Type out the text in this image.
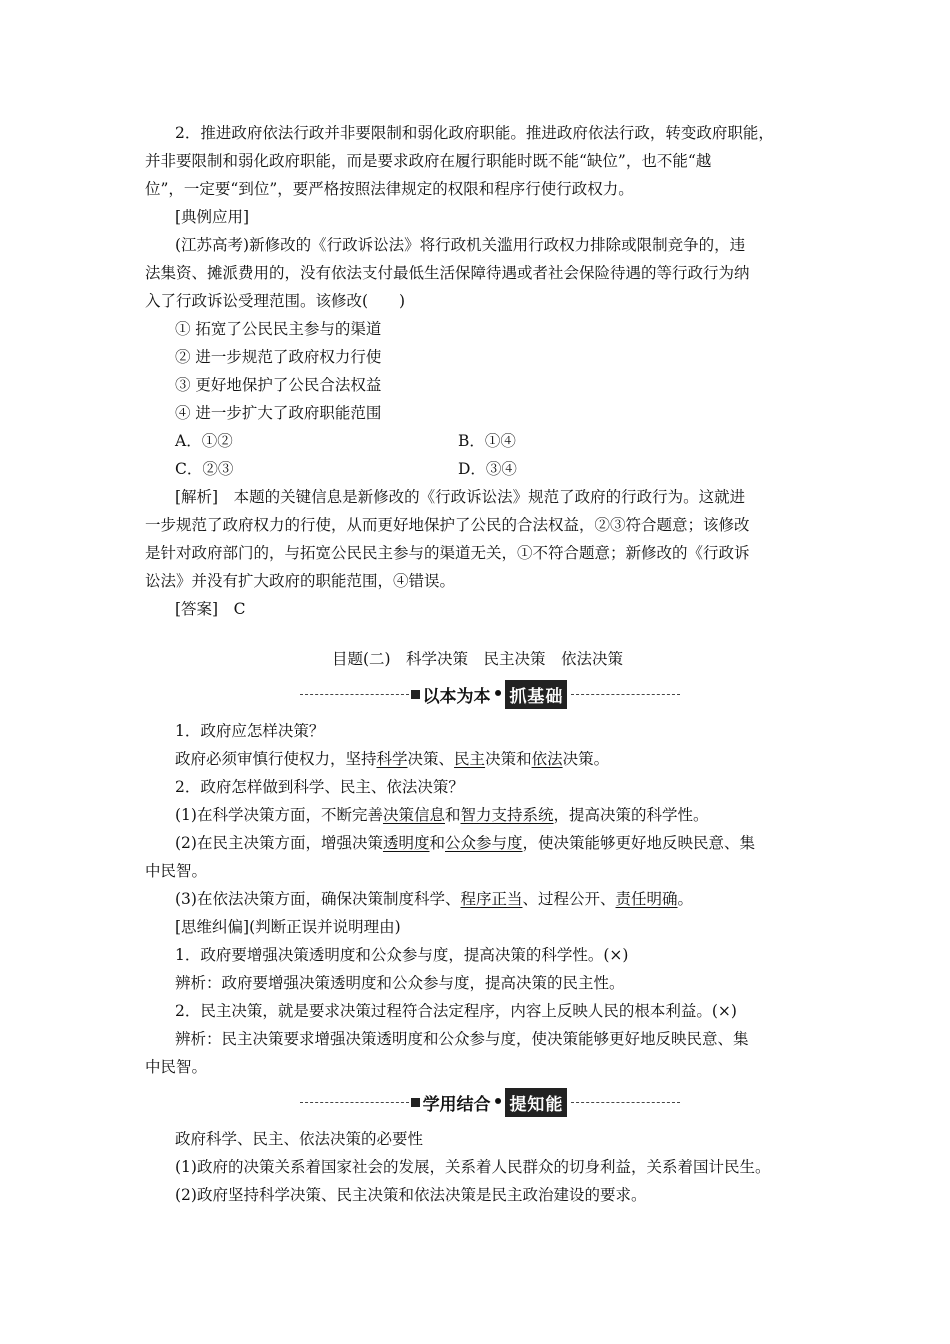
2．推进政府依法行政并非要限制和弱化政府职能。推进政府依法行政，转变政府职能，

并非要限制和弱化政府职能，而是要求政府在履行职能时既不能“缺位”，也不能“越

位”，一定要“到位”，要严格按照法律规定的权限和程序行使行政权力。

[典例应用]

(江苏高考)新修改的《行政诉讼法》将行政机关滥用行政权力排除或限制竞争的，违

法集资、摊派费用的，没有依法支付最低生活保障待遇或者社会保险待遇的等行政行为纳

入了行政诉讼受理范围。该修改(　　)

① 拓宽了公民民主参与的渠道

② 进一步规范了政府权力行使

③ 更好地保护了公民合法权益

④ 进一步扩大了政府职能范围

A．①②	B．①④
C．②③	D．③④

[解析]　本题的关键信息是新修改的《行政诉讼法》规范了政府的行政行为。这就进

一步规范了政府权力的行使，从而更好地保护了公民的合法权益，②③符合题意；该修改

是针对政府部门的，与拓宽公民民主参与的渠道无关，①不符合题意；新修改的《行政诉

讼法》并没有扩大政府的职能范围，④错误。

[答案]　C

目题(二)　科学决策　民主决策　依法决策
以本为本 • 抓基础

1．政府应怎样决策？

政府必须审慎行使权力，坚持科学决策、民主决策和依法决策。

2．政府怎样做到科学、民主、依法决策？

(1)在科学决策方面，不断完善决策信息和智力支持系统，提高决策的科学性。

(2)在民主决策方面，增强决策透明度和公众参与度，使决策能够更好地反映民意、集

中民智。

(3)在依法决策方面，确保决策制度科学、程序正当、过程公开、责任明确。

[思维纠偏](判断正误并说明理由)

1．政府要增强决策透明度和公众参与度，提高决策的科学性。(×)

辨析：政府要增强决策透明度和公众参与度，提高决策的民主性。

2．民主决策，就是要求决策过程符合法定程序，内容上反映人民的根本利益。(×)

辨析：民主决策要求增强决策透明度和公众参与度，使决策能够更好地反映民意、集

中民智。

学用结合 • 提知能

政府科学、民主、依法决策的必要性

(1)政府的决策关系着国家社会的发展，关系着人民群众的切身利益，关系着国计民生。

(2)政府坚持科学决策、民主决策和依法决策是民主政治建设的要求。
